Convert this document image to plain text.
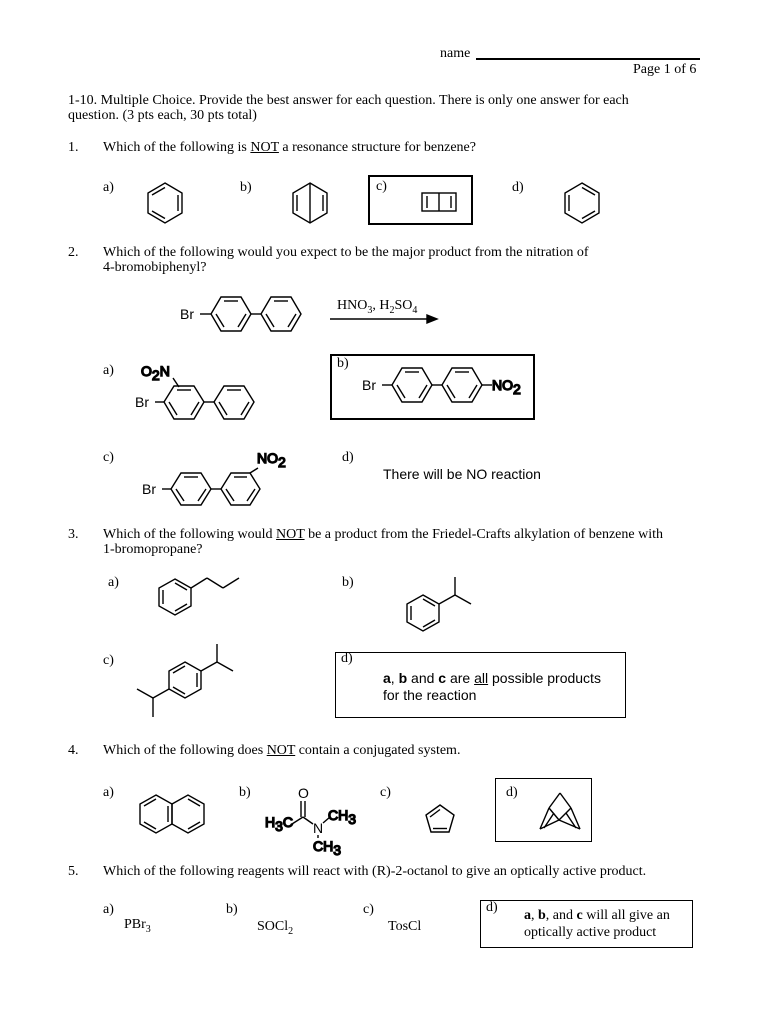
name
Page 1 of 6
1-10. Multiple Choice. Provide the best answer for each question. There is only one answer for each
question. (3 pts each, 30 pts total)
1. Which of the following is NOT a resonance structure for benzene?
a)	b)	c)	d)
2. Which of the following would you expect to be the major product from the nitration of
4-bromobiphenyl?
Br
$HNO_3$, $H_2SO_4$
a) O2N
Br
b)
Br	NO2
c)	NO2
Br
d)
There will be NO reaction
3. Which of the following would NOT be a product from the Friedel-Crafts alkylation of benzene with
1-bromopropane?
a)	b)
c)	d)
a, b and c are all possible products
for the reaction
4. Which of the following does NOT contain a conjugated system.
a)	b)	O
H3C N
CH3
CH3
c)	d)
5. Which of the following reagents will react with (R)-2-octanol to give an optically active product.
a)
PBr$_3$
b)
SOCl$_2$
c)
TosCl
d)
a, b, and c will all give an
optically active product
